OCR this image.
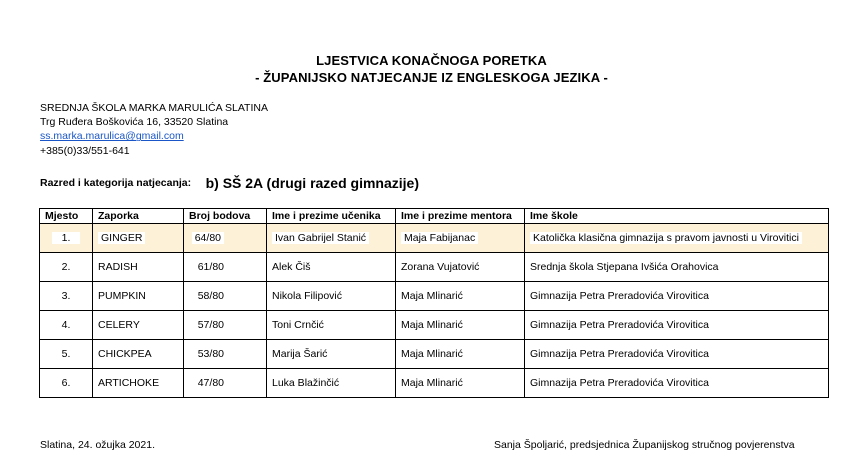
LJESTVICA KONAČNOGA PORETKA
- ŽUPANIJSKO NATJECANJE IZ ENGLESKOGA JEZIKA -
SREDNJA ŠKOLA MARKA MARULIĆA SLATINA
Trg Ruđera Boškovića 16, 33520 Slatina
ss.marka.marulica@gmail.com
+385(0)33/551-641
Razred i kategorija natjecanja: b) SŠ 2A (drugi razed gimnazije)
Mjesto	Zaporka	Broj bodova	Ime i prezime učenika	Ime i prezime mentora	Ime škole
1.	GINGER	64/80	Ivan Gabrijel Stanić	Maja Fabijanac	Katolička klasična gimnazija s pravom javnosti u Virovitici
2.	RADISH	61/80	Alek Čiš	Zorana Vujatović	Srednja škola Stjepana Ivšića Orahovica
3.	PUMPKIN	58/80	Nikola Filipović	Maja Mlinarić	Gimnazija Petra Preradovića Virovitica
4.	CELERY	57/80	Toni Crnčić	Maja Mlinarić	Gimnazija Petra Preradovića Virovitica
5.	CHICKPEA	53/80	Marija Šarić	Maja Mlinarić	Gimnazija Petra Preradovića Virovitica
6.	ARTICHOKE	47/80	Luka Blažinčić	Maja Mlinarić	Gimnazija Petra Preradovića Virovitica
Slatina, 24. ožujka 2021.	Sanja Špoljarić, predsjednica Županijskog stručnog povjerenstva
